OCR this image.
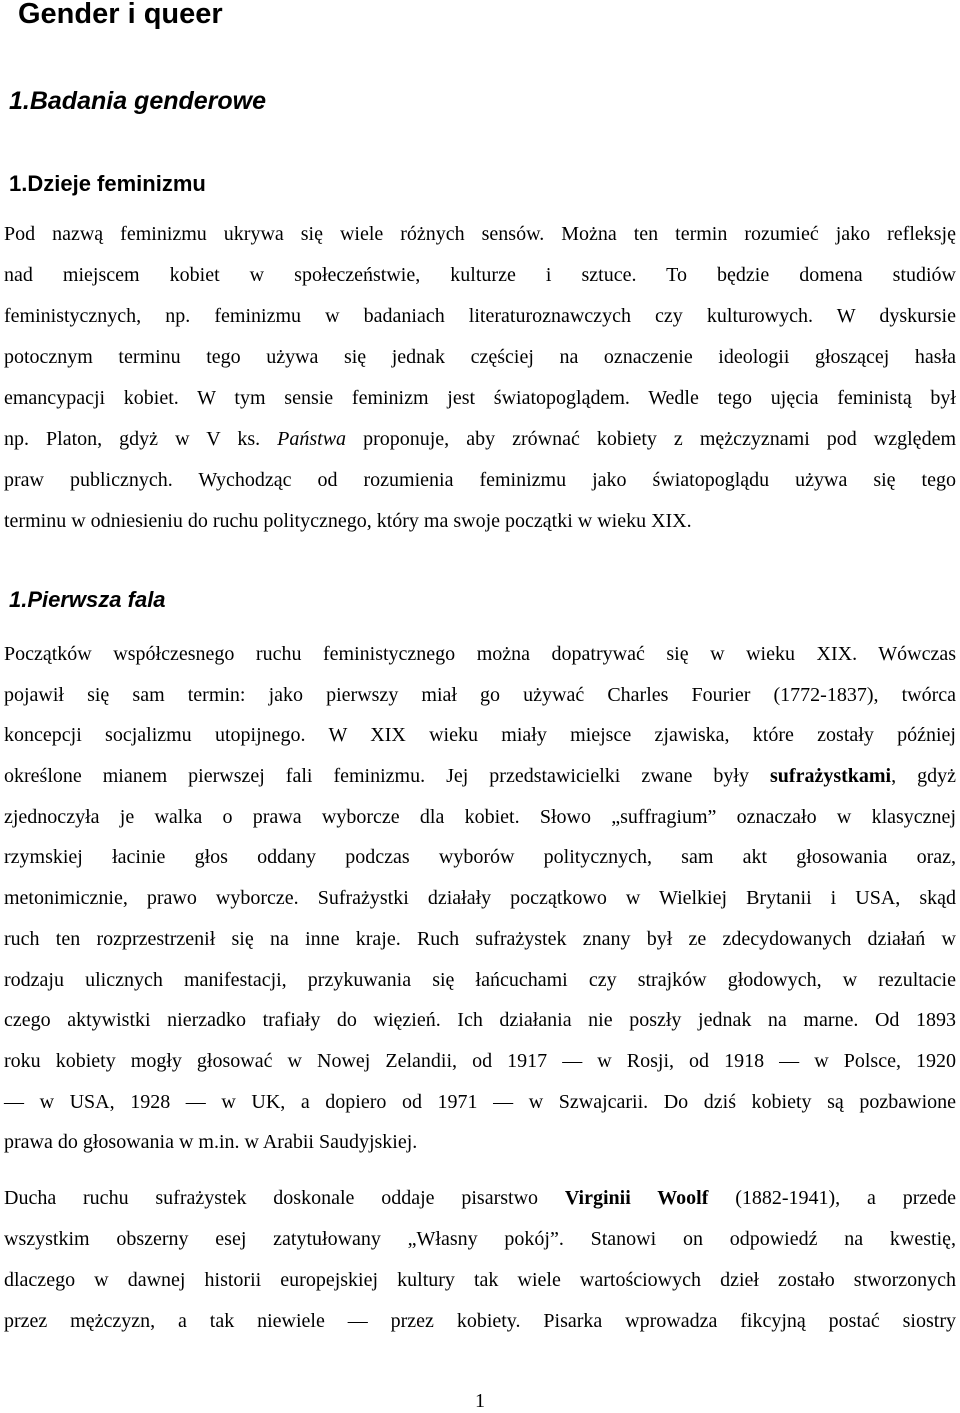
Gender i queer
1.Badania genderowe
1.Dzieje feminizmu
Pod nazwą feminizmu ukrywa się wiele różnych sensów. Można ten termin rozumieć jako refleksję
nad miejscem kobiet w społeczeństwie, kulturze i sztuce. To będzie domena studiów
feministycznych, np. feminizmu w badaniach literaturoznawczych czy kulturowych. W dyskursie
potocznym terminu tego używa się jednak częściej na oznaczenie ideologii głoszącej hasła
emancypacji kobiet. W tym sensie feminizm jest światopoglądem. Wedle tego ujęcia feministą był
np. Platon, gdyż w V ks. Państwa proponuje, aby zrównać kobiety z mężczyznami pod względem
praw publicznych. Wychodząc od rozumienia feminizmu jako światopoglądu używa się tego
terminu w odniesieniu do ruchu politycznego, który ma swoje początki w wieku XIX.
1.Pierwsza fala
Początków współczesnego ruchu feministycznego można dopatrywać się w wieku XIX. Wówczas
pojawił się sam termin: jako pierwszy miał go używać Charles Fourier (1772-1837), twórca
koncepcji socjalizmu utopijnego. W XIX wieku miały miejsce zjawiska, które zostały później
określone mianem pierwszej fali feminizmu. Jej przedstawicielki zwane były sufrażystkami, gdyż
zjednoczyła je walka o prawa wyborcze dla kobiet. Słowo „suffragium” oznaczało w klasycznej
rzymskiej łacinie głos oddany podczas wyborów politycznych, sam akt głosowania oraz,
metonimicznie, prawo wyborcze. Sufrażystki działały początkowo w Wielkiej Brytanii i USA, skąd
ruch ten rozprzestrzenił się na inne kraje. Ruch sufrażystek znany był ze zdecydowanych działań w
rodzaju ulicznych manifestacji, przykuwania się łańcuchami czy strajków głodowych, w rezultacie
czego aktywistki nierzadko trafiały do więzień. Ich działania nie poszły jednak na marne. Od 1893
roku kobiety mogły głosować w Nowej Zelandii, od 1917 — w Rosji, od 1918 — w Polsce, 1920
— w USA, 1928 — w UK, a dopiero od 1971 — w Szwajcarii. Do dziś kobiety są pozbawione
prawa do głosowania w m.in. w Arabii Saudyjskiej.
Ducha ruchu sufrażystek doskonale oddaje pisarstwo Virginii Woolf (1882-1941), a przede
wszystkim obszerny esej zatytułowany „Własny pokój”. Stanowi on odpowiedź na kwestię,
dlaczego w dawnej historii europejskiej kultury tak wiele wartościowych dzieł zostało stworzonych
przez mężczyzn, a tak niewiele — przez kobiety. Pisarka wprowadza fikcyjną postać siostry
1
